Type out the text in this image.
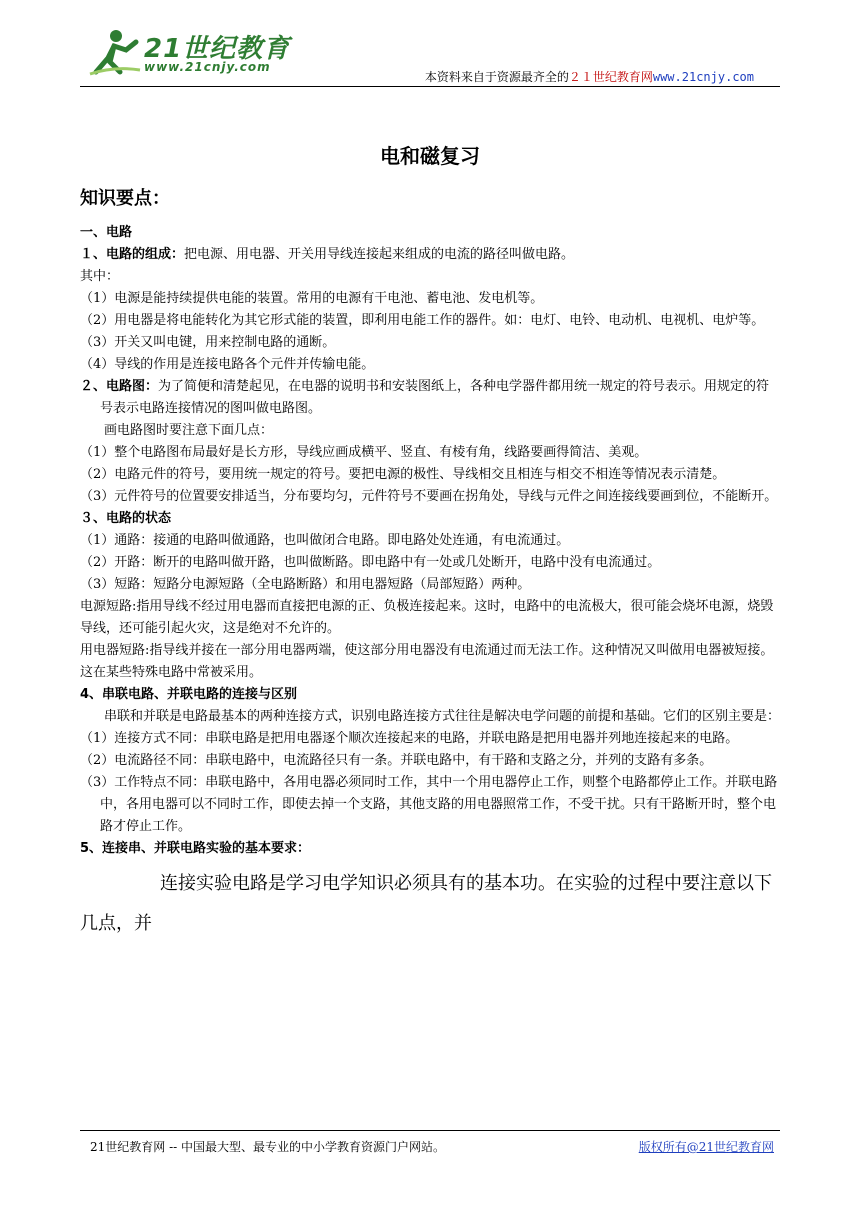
21世纪教育
www.21cnjy.com
本资料来自于资源最齐全的２１世纪教育网www.21cnjy.com
电和磁复习
知识要点：

一、电路

１、电路的组成：把电源、用电器、开关用导线连接起来组成的电流的路径叫做电路。

其中：

（1）电源是能持续提供电能的装置。常用的电源有干电池、蓄电池、发电机等。

（2）用电器是将电能转化为其它形式能的装置，即利用电能工作的器件。如：电灯、电铃、电动机、电视机、电炉等。

（3）开关又叫电键，用来控制电路的通断。

（4）导线的作用是连接电路各个元件并传输电能。

２、电路图：为了简便和清楚起见，在电器的说明书和安装图纸上，各种电学器件都用统一规定的符号表示。用规定的符号表示电路连接情况的图叫做电路图。

画电路图时要注意下面几点：

（1）整个电路图布局最好是长方形，导线应画成横平、竖直、有棱有角，线路要画得简洁、美观。

（2）电路元件的符号，要用统一规定的符号。要把电源的极性、导线相交且相连与相交不相连等情况表示清楚。

（3）元件符号的位置要安排适当，分布要均匀，元件符号不要画在拐角处，导线与元件之间连接线要画到位，不能断开。

３、电路的状态

（1）通路：接通的电路叫做通路，也叫做闭合电路。即电路处处连通，有电流通过。

（2）开路：断开的电路叫做开路，也叫做断路。即电路中有一处或几处断开，电路中没有电流通过。

（3）短路：短路分电源短路（全电路断路）和用电器短路（局部短路）两种。

电源短路:指用导线不经过用电器而直接把电源的正、负极连接起来。这时，电路中的电流极大，很可能会烧坏电源，烧毁导线，还可能引起火灾，这是绝对不允许的。

用电器短路:指导线并接在一部分用电器两端，使这部分用电器没有电流通过而无法工作。这种情况又叫做用电器被短接。这在某些特殊电路中常被采用。

4、串联电路、并联电路的连接与区别

串联和并联是电路最基本的两种连接方式，识别电路连接方式往往是解决电学问题的前提和基础。它们的区别主要是：

（1）连接方式不同：串联电路是把用电器逐个顺次连接起来的电路，并联电路是把用电器并列地连接起来的电路。

（2）电流路径不同：串联电路中，电流路径只有一条。并联电路中，有干路和支路之分，并列的支路有多条。

（3）工作特点不同：串联电路中，各用电器必须同时工作，其中一个用电器停止工作，则整个电路都停止工作。并联电路中，各用电器可以不同时工作，即使去掉一个支路，其他支路的用电器照常工作，不受干扰。只有干路断开时，整个电路才停止工作。

5、连接串、并联电路实验的基本要求：

连接实验电路是学习电学知识必须具有的基本功。在实验的过程中要注意以下几点，并

21世纪教育网 -- 中国最大型、最专业的中小学教育资源门户网站。	版权所有@21世纪教育网
